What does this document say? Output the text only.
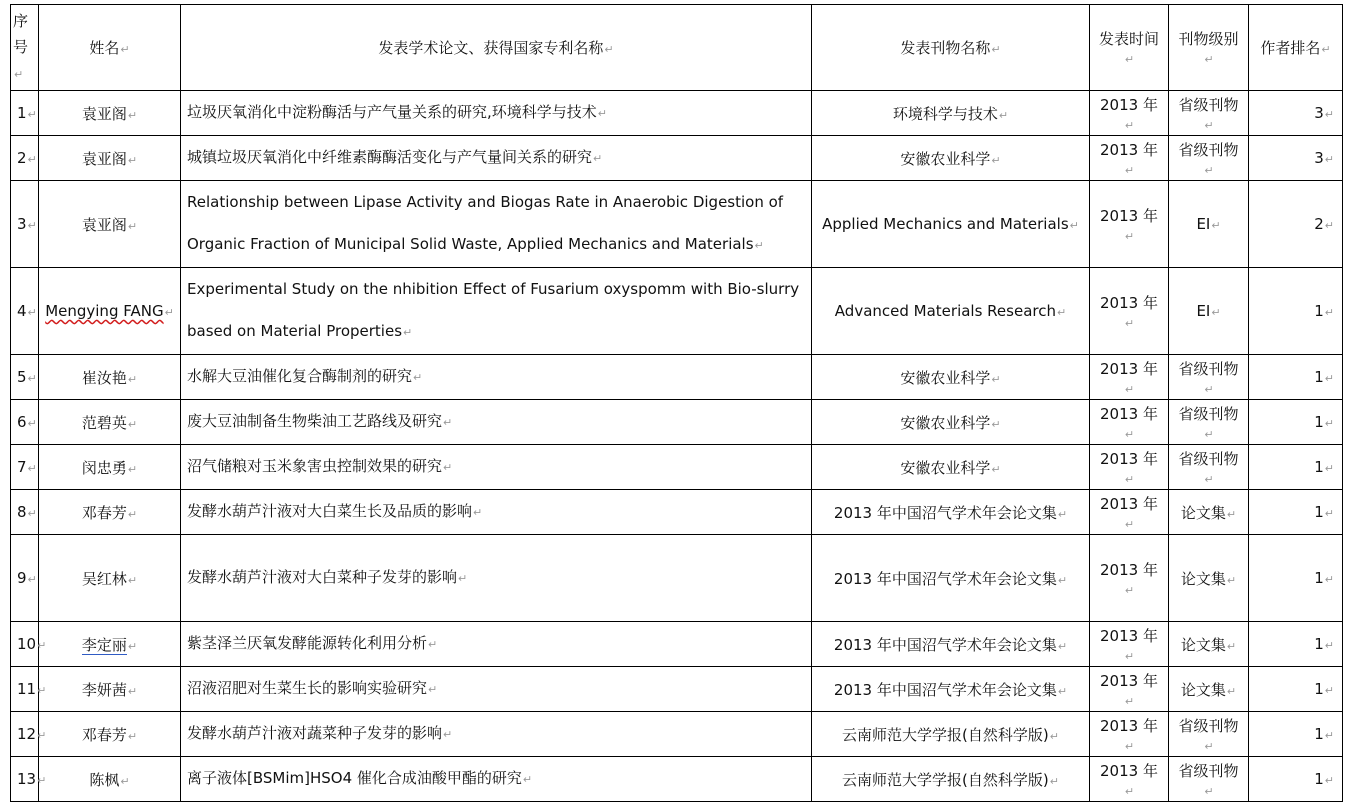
序
号↵	姓名↵	发表学术论文、获得国家专利名称↵	发表刊物名称↵	发表时间↵	刊物级别↵	作者排名↵
1↵	袁亚阁↵	垃圾厌氧消化中淀粉酶活与产气量关系的研究,环境科学与技术↵	环境科学与技术↵	2013 年↵	省级刊物↵	3↵
2↵	袁亚阁↵	城镇垃圾厌氧消化中纤维素酶酶活变化与产气量间关系的研究↵	安徽农业科学↵	2013 年↵	省级刊物↵	3↵
3↵	袁亚阁↵	Relationship between Lipase Activity and Biogas Rate in Anaerobic Digestion of Organic Fraction of Municipal Solid Waste, Applied Mechanics and Materials↵	Applied Mechanics and Materials↵	2013 年↵	EI↵	2↵
4↵	Mengying FANG↵	Experimental Study on the nhibition Effect of Fusarium oxyspomm with Bio-slurry based on Material Properties↵	Advanced Materials Research↵	2013 年↵	EI↵	1↵
5↵	崔汝艳↵	水解大豆油催化复合酶制剂的研究↵	安徽农业科学↵	2013 年↵	省级刊物↵	1↵
6↵	范碧英↵	废大豆油制备生物柴油工艺路线及研究↵	安徽农业科学↵	2013 年↵	省级刊物↵	1↵
7↵	闵忠勇↵	沼气储粮对玉米象害虫控制效果的研究↵	安徽农业科学↵	2013 年↵	省级刊物↵	1↵
8↵	邓春芳↵	发酵水葫芦汁液对大白菜生长及品质的影响↵	2013 年中国沼气学术年会论文集↵	2013 年↵	论文集↵	1↵
9↵	吴红林↵	发酵水葫芦汁液对大白菜种子发芽的影响↵	2013 年中国沼气学术年会论文集↵	2013 年↵	论文集↵	1↵
10↵	李定丽↵	紫茎泽兰厌氧发酵能源转化利用分析↵	2013 年中国沼气学术年会论文集↵	2013 年↵	论文集↵	1↵
11↵	李妍茜↵	沼液沼肥对生菜生长的影响实验研究↵	2013 年中国沼气学术年会论文集↵	2013 年↵	论文集↵	1↵
12↵	邓春芳↵	发酵水葫芦汁液对蔬菜种子发芽的影响↵	云南师范大学学报(自然科学版)↵	2013 年↵	省级刊物↵	1↵
13↵	陈枫↵	离子液体[BSMim]HSO4 催化合成油酸甲酯的研究↵	云南师范大学学报(自然科学版)↵	2013 年↵	省级刊物↵	1↵
